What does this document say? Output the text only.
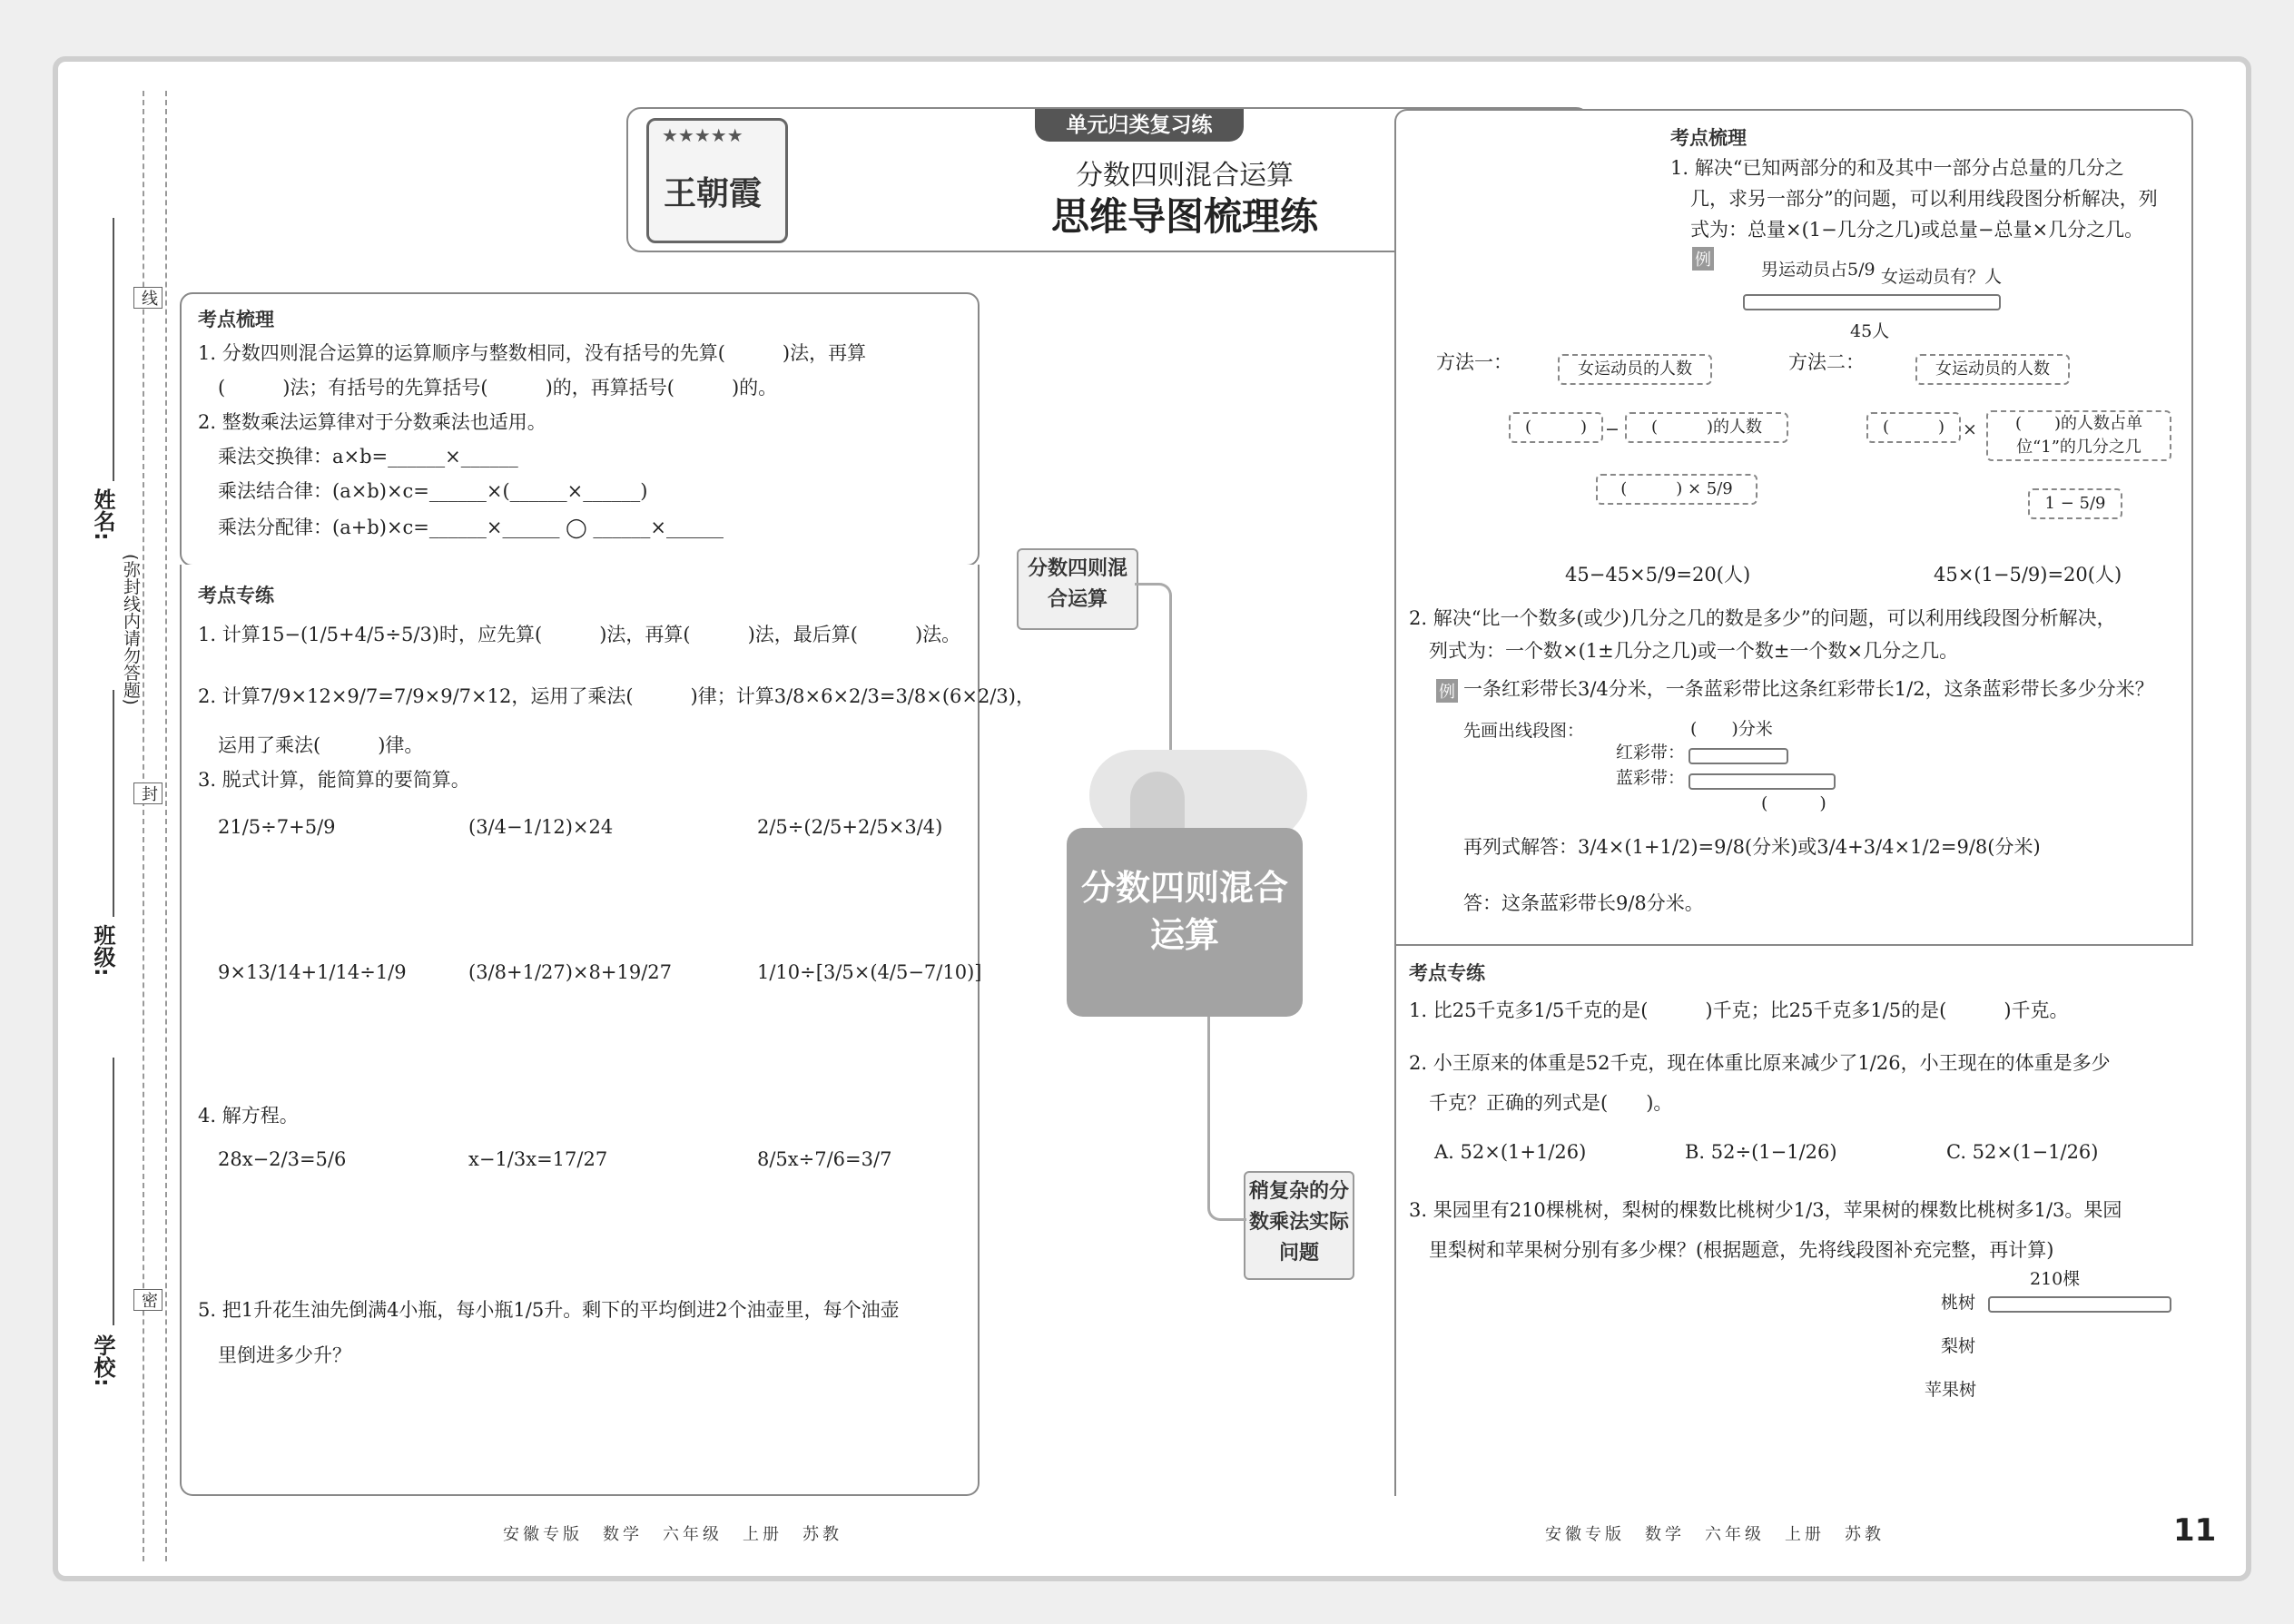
线
封
密
(弥封线内请勿答题)
姓名:
班级:
学校:
★★★★★
王朝霞
单元归类复习练
分数四则混合运算
思维导图梳理练
考点梳理
1. 分数四则混合运算的运算顺序与整数相同，没有括号的先算(　　　)法，再算
(　　　)法；有括号的先算括号(　　　)的，再算括号(　　　)的。
2. 整数乘法运算律对于分数乘法也适用。
乘法交换律：a×b=______×______
乘法结合律：(a×b)×c=______×(______×______)
乘法分配律：(a+b)×c=______×______ ◯ ______×______
考点专练
1. 计算15−(1/5+4/5÷5/3)时，应先算(　　　)法，再算(　　　)法，最后算(　　　)法。
2. 计算7/9×12×9/7=7/9×9/7×12，运用了乘法(　　　)律；计算3/8×6×2/3=3/8×(6×2/3)，
运用了乘法(　　　)律。
3. 脱式计算，能简算的要简算。
21/5÷7+5/9	(3/4−1/12)×24	2/5÷(2/5+2/5×3/4)
9×13/14+1/14÷1/9	(3/8+1/27)×8+19/27	1/10÷[3/5×(4/5−7/10)]
4. 解方程。
28x−2/3=5/6	x−1/3x=17/27	8/5x÷7/6=3/7
5. 把1升花生油先倒满4小瓶，每小瓶1/5升。剩下的平均倒进2个油壶里，每个油壶
里倒进多少升？
分数四则混合运算
稍复杂的分数乘法实际问题
分数四则混合运算
考点梳理
1. 解决“已知两部分的和及其中一部分占总量的几分之
几，求另一部分”的问题，可以利用线段图分析解决，列
式为：总量×(1−几分之几)或总量−总量×几分之几。
例	男运动员占5/9 女运动员有？人
45人
方法一：	方法二：
女运动员的人数	女运动员的人数
(　　　)	−	(　　　)的人数
(　　　) × 5/9
(　　　)	×	(　　)的人数占单位“1”的几分之几
1 − 5/9
45−45×5/9=20(人)	45×(1−5/9)=20(人)
2. 解决“比一个数多(或少)几分之几的数是多少”的问题，可以利用线段图分析解决，
列式为：一个数×(1±几分之几)或一个数±一个数×几分之几。
例 一条红彩带长3/4分米，一条蓝彩带比这条红彩带长1/2，这条蓝彩带长多少分米？
先画出线段图：	(　　)分米
红彩带：
蓝彩带：
(　　　)
再列式解答：3/4×(1+1/2)=9/8(分米)或3/4+3/4×1/2=9/8(分米)
答：这条蓝彩带长9/8分米。
考点专练
1. 比25千克多1/5千克的是(　　　)千克；比25千克多1/5的是(　　　)千克。
2. 小王原来的体重是52千克，现在体重比原来减少了1/26，小王现在的体重是多少
千克？正确的列式是(　　)。
A. 52×(1+1/26)	B. 52÷(1−1/26)	C. 52×(1−1/26)
3. 果园里有210棵桃树，梨树的棵数比桃树少1/3，苹果树的棵数比桃树多1/3。果园
里梨树和苹果树分别有多少棵？(根据题意，先将线段图补充完整，再计算)
210棵
桃树
梨树
苹果树
安徽专版　数学　六年级　上册　苏教	安徽专版　数学　六年级　上册　苏教	11
